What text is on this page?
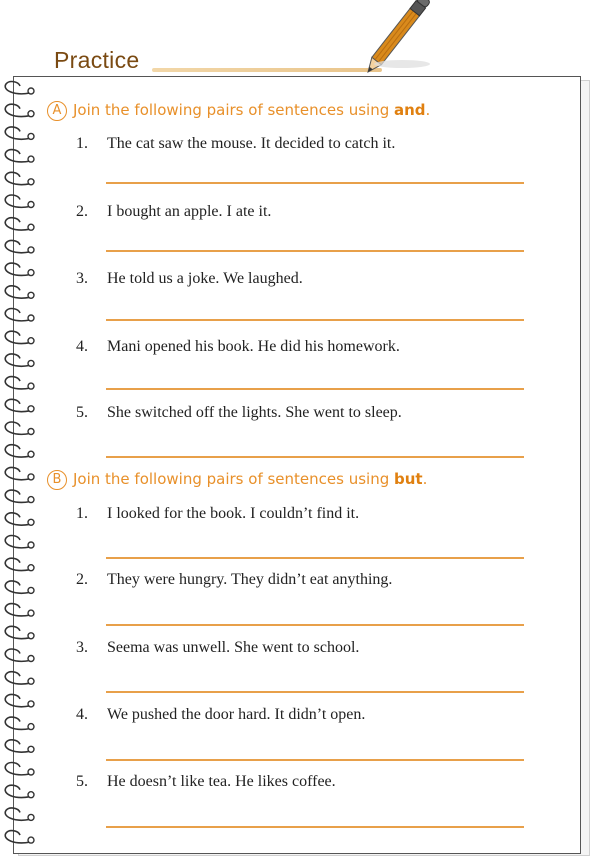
Practice
A Join the following pairs of sentences using and.
1. The cat saw the mouse. It decided to catch it.
2. I bought an apple. I ate it.
3. He told us a joke. We laughed.
4. Mani opened his book. He did his homework.
5. She switched off the lights. She went to sleep.
B Join the following pairs of sentences using but.
1. I looked for the book. I couldn’t find it.
2. They were hungry. They didn’t eat anything.
3. Seema was unwell. She went to school.
4. We pushed the door hard. It didn’t open.
5. He doesn’t like tea. He likes coffee.
